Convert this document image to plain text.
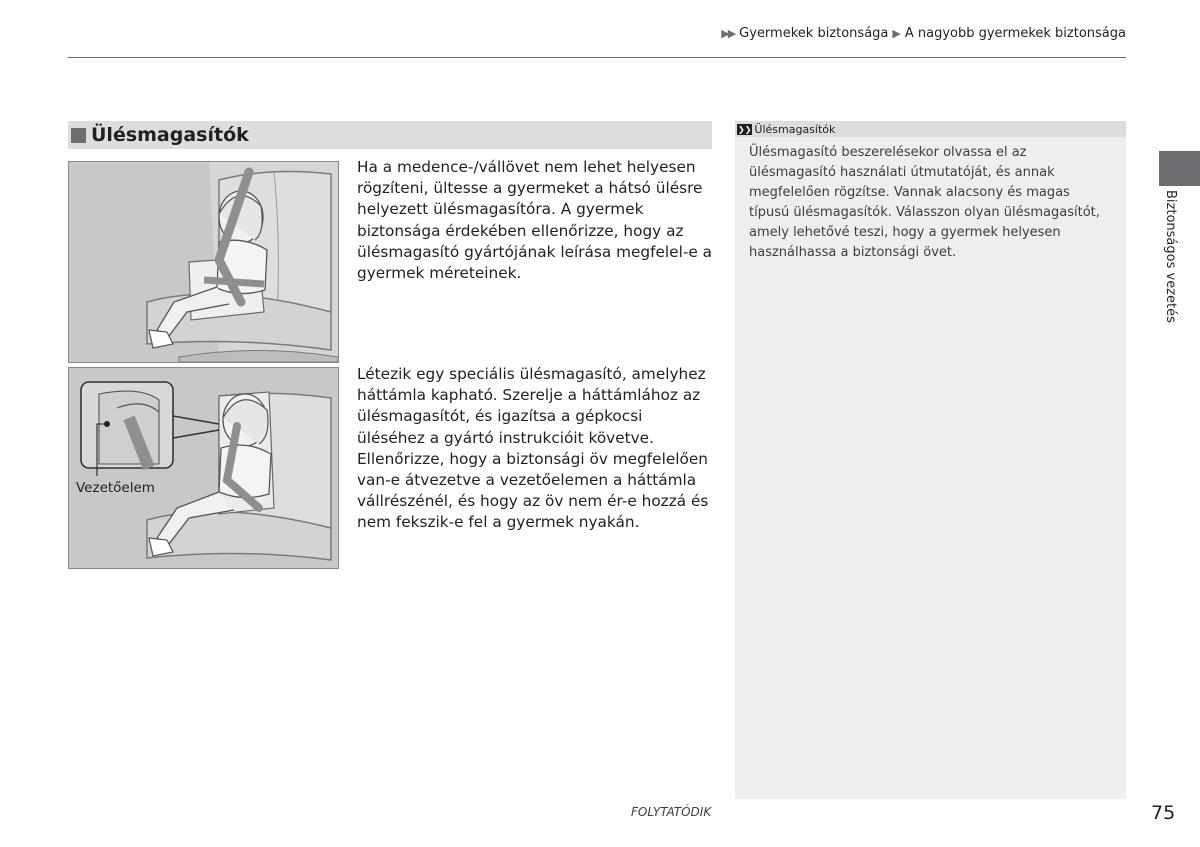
▶▶ Gyermekek biztonsága ▶ A nagyobb gyermekek biztonsága
Ülésmagasítók
Vezetőelem
Ha a medence-/vállövet nem lehet helyesen rögzíteni, ültesse a gyermeket a hátsó ülésre helyezett ülésmagasítóra. A gyermek biztonsága érdekében ellenőrizze, hogy az ülésmagasító gyártójának leírása megfelel-e a gyermek méreteinek.
Létezik egy speciális ülésmagasító, amelyhez háttámla kapható. Szerelje a háttámlához az ülésmagasítót, és igazítsa a gépkocsi üléséhez a gyártó instrukcióit követve. Ellenőrizze, hogy a biztonsági öv megfelelően van-e átvezetve a vezetőelemen a háttámla vállrészénél, és hogy az öv nem ér-e hozzá és nem fekszik-e fel a gyermek nyakán.
❯❯ Ülésmagasítók
Ülésmagasító beszerelésekor olvassa el az ülésmagasító használati útmutatóját, és annak megfelelően rögzítse. Vannak alacsony és magas típusú ülésmagasítók. Válasszon olyan ülésmagasítót, amely lehetővé teszi, hogy a gyermek helyesen használhassa a biztonsági övet.	Biztonságos vezetés
FOLYTATÓDIK	75
